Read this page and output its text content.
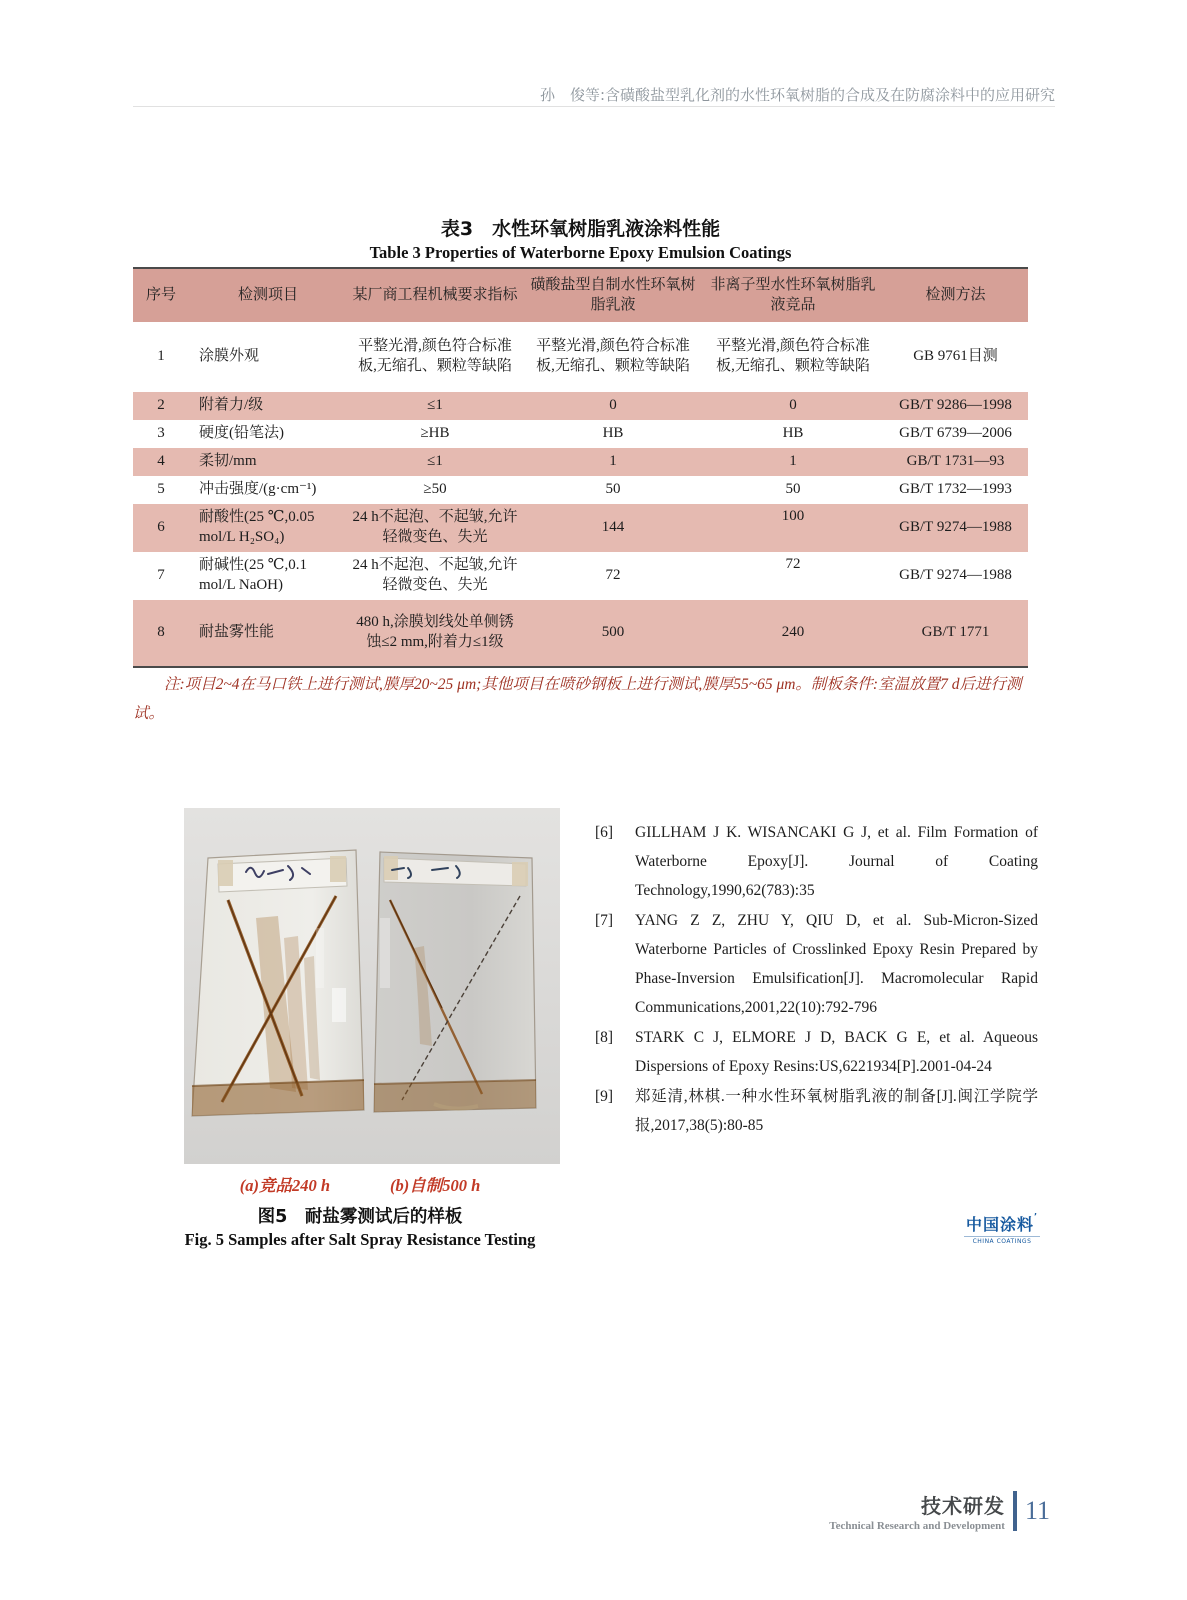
孙　俊等:含磺酸盐型乳化剂的水性环氧树脂的合成及在防腐涂料中的应用研究
表3　水性环氧树脂乳液涂料性能
Table 3 Properties of Waterborne Epoxy Emulsion Coatings
序号	检测项目	某厂商工程机械要求指标	磺酸盐型自制水性环氧树脂乳液	非离子型水性环氧树脂乳液竞品	检测方法
1	涂膜外观	平整光滑,颜色符合标准板,无缩孔、颗粒等缺陷	平整光滑,颜色符合标准板,无缩孔、颗粒等缺陷	平整光滑,颜色符合标准板,无缩孔、颗粒等缺陷	GB 9761目测
2	附着力/级	≤1	0	0	GB/T 9286—1998
3	硬度(铅笔法)	≥HB	HB	HB	GB/T 6739—2006
4	柔韧/mm	≤1	1	1	GB/T 1731—93
5	冲击强度/(g·cm⁻¹)	≥50	50	50	GB/T 1732—1993
6	耐酸性(25 ℃,0.05 mol/L H₂SO₄)	24 h不起泡、不起皱,允许轻微变色、失光	144	100	GB/T 9274—1988
7	耐碱性(25 ℃,0.1 mol/L NaOH)	24 h不起泡、不起皱,允许轻微变色、失光	72	72	GB/T 9274—1988
8	耐盐雾性能	480 h,涂膜划线处单侧锈蚀≤2 mm,附着力≤1级	500	240	GB/T 1771
注:项目2~4在马口铁上进行测试,膜厚20~25 μm;其他项目在喷砂钢板上进行测试,膜厚55~65 μm。制板条件:室温放置7 d后进行测试。
(a)竞品240 h	(b)自制500 h
图5　耐盐雾测试后的样板
Fig. 5 Samples after Salt Spray Resistance Testing
[6]	GILLHAM J K. WISANCAKI G J, et al. Film Formation of Waterborne Epoxy[J]. Journal of Coating Technology,1990,62(783):35
[7]	YANG Z Z, ZHU Y, QIU D, et al. Sub-Micron-Sized Waterborne Particles of Crosslinked Epoxy Resin Prepared by Phase-Inversion Emulsification[J]. Macromolecular Rapid Communications,2001,22(10):792-796
[8]	STARK C J, ELMORE J D, BACK G E, et al. Aqueous Dispersions of Epoxy Resins:US,6221934[P].2001-04-24
[9]	郑延清,林棋.一种水性环氧树脂乳液的制备[J].闽江学院学报,2017,38(5):80-85
中国涂料’
CHINA COATINGS
技术研发
Technical Research and Development
11
